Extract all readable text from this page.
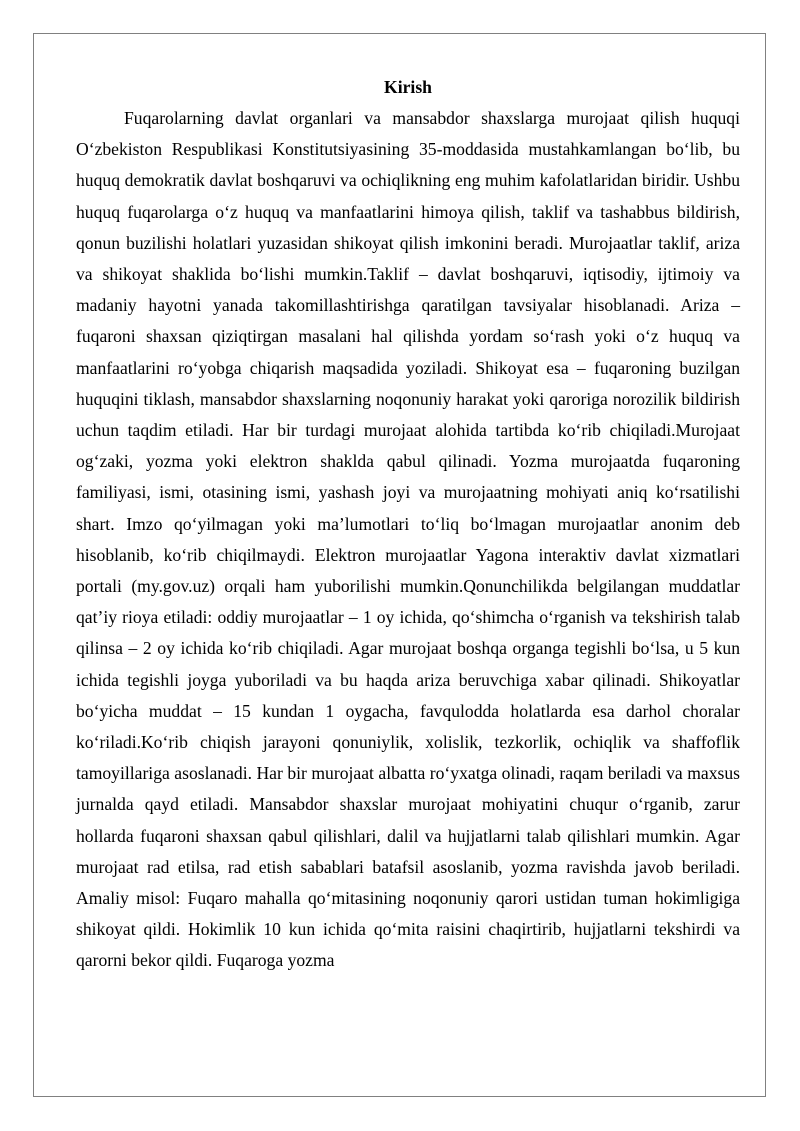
Kirish

Fuqarolarning davlat organlari va mansabdor shaxslarga murojaat qilish huquqi O‘zbekiston Respublikasi Konstitutsiyasining 35-moddasida mustahkamlangan bo‘lib, bu huquq demokratik davlat boshqaruvi va ochiqlikning eng muhim kafolatlaridan biridir. Ushbu huquq fuqarolarga o‘z huquq va manfaatlarini himoya qilish, taklif va tashabbus bildirish, qonun buzilishi holatlari yuzasidan shikoyat qilish imkonini beradi. Murojaatlar taklif, ariza va shikoyat shaklida bo‘lishi mumkin.Taklif – davlat boshqaruvi, iqtisodiy, ijtimoiy va madaniy hayotni yanada takomillashtirishga qaratilgan tavsiyalar hisoblanadi. Ariza – fuqaroni shaxsan qiziqtirgan masalani hal qilishda yordam so‘rash yoki o‘z huquq va manfaatlarini ro‘yobga chiqarish maqsadida yoziladi. Shikoyat esa – fuqaroning buzilgan huquqini tiklash, mansabdor shaxslarning noqonuniy harakat yoki qaroriga norozilik bildirish uchun taqdim etiladi. Har bir turdagi murojaat alohida tartibda ko‘rib chiqiladi.Murojaat og‘zaki, yozma yoki elektron shaklda qabul qilinadi. Yozma murojaatda fuqaroning familiyasi, ismi, otasining ismi, yashash joyi va murojaatning mohiyati aniq ko‘rsatilishi shart. Imzo qo‘yilmagan yoki ma’lumotlari to‘liq bo‘lmagan murojaatlar anonim deb hisoblanib, ko‘rib chiqilmaydi. Elektron murojaatlar Yagona interaktiv davlat xizmatlari portali (my.gov.uz) orqali ham yuborilishi mumkin.Qonunchilikda belgilangan muddatlar qat’iy rioya etiladi: oddiy murojaatlar – 1 oy ichida, qo‘shimcha o‘rganish va tekshirish talab qilinsa – 2 oy ichida ko‘rib chiqiladi. Agar murojaat boshqa organga tegishli bo‘lsa, u 5 kun ichida tegishli joyga yuboriladi va bu haqda ariza beruvchiga xabar qilinadi. Shikoyatlar bo‘yicha muddat – 15 kundan 1 oygacha, favqulodda holatlarda esa darhol choralar ko‘riladi.Ko‘rib chiqish jarayoni qonuniylik, xolislik, tezkorlik, ochiqlik va shaffoflik tamoyillariga asoslanadi. Har bir murojaat albatta ro‘yxatga olinadi, raqam beriladi va maxsus jurnalda qayd etiladi. Mansabdor shaxslar murojaat mohiyatini chuqur o‘rganib, zarur hollarda fuqaroni shaxsan qabul qilishlari, dalil va hujjatlarni talab qilishlari mumkin. Agar murojaat rad etilsa, rad etish sabablari batafsil asoslanib, yozma ravishda javob beriladi. Amaliy misol: Fuqaro mahalla qo‘mitasining noqonuniy qarori ustidan tuman hokimligiga shikoyat qildi. Hokimlik 10 kun ichida qo‘mita raisini chaqirtirib, hujjatlarni tekshirdi va qarorni bekor qildi. Fuqaroga yozma
